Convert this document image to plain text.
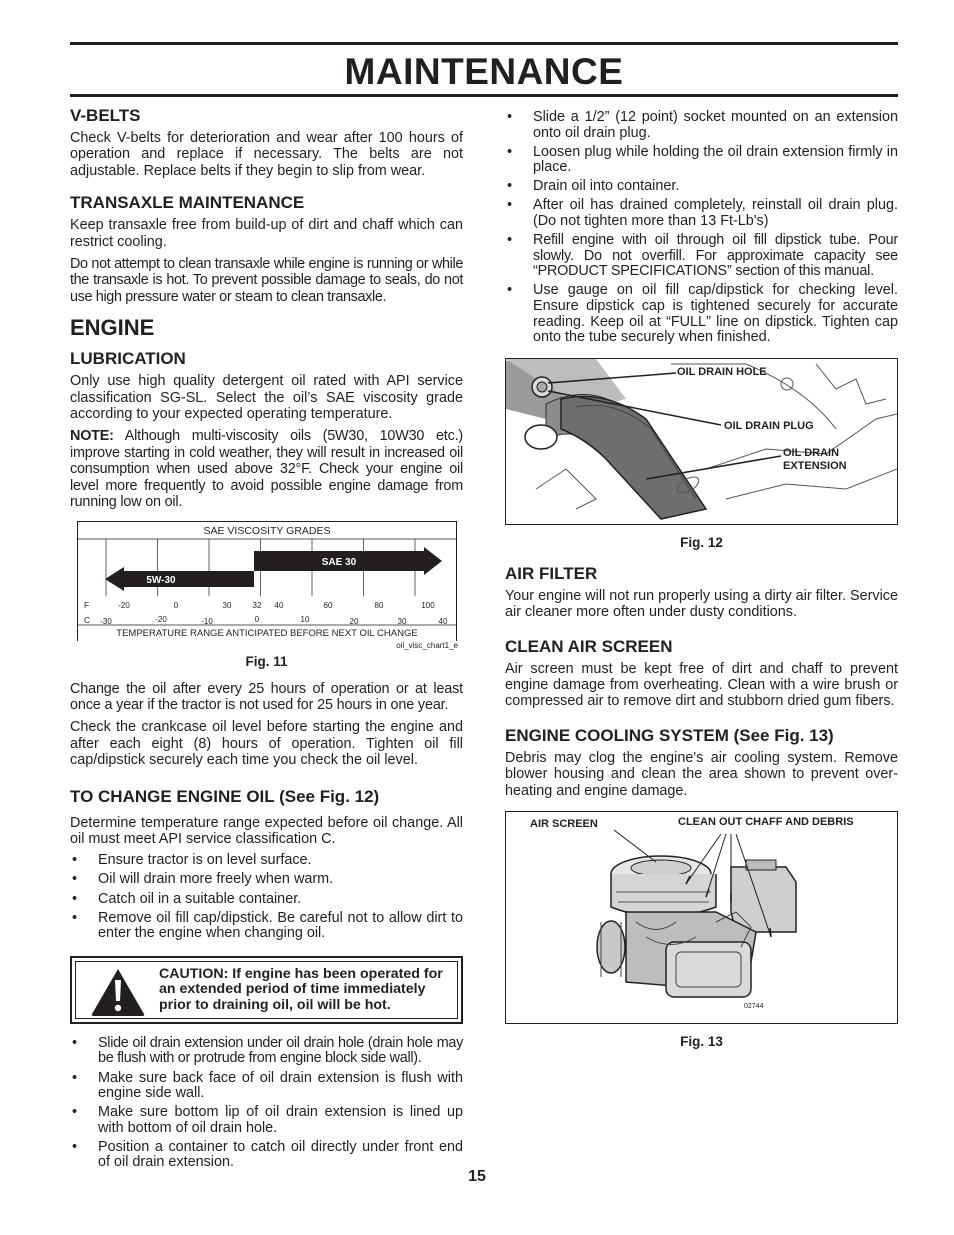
MAINTENANCE
V-BELTS

Check V-belts for deterioration and wear after 100 hours of operation and replace if necessary. The belts are not adjustable. Replace belts if they begin to slip from wear.

TRANSAXLE MAINTENANCE

Keep transaxle free from build-up of dirt and chaff which can restrict cooling.

Do not attempt to clean transaxle while engine is running or while the transaxle is hot. To prevent possible damage to seals, do not use high pressure water or steam to clean transaxle.

ENGINE
LUBRICATION

Only use high quality detergent oil rated with API service classification SG-SL. Select the oil’s SAE viscosity grade according to your expected operating temperature.

NOTE: Although multi-viscosity oils (5W30, 10W30 etc.) improve starting in cold weather, they will result in increased oil consumption when used above 32°F. Check your engine oil level more frequently to avoid possible engine damage from running low on oil.

SAE VISCOSITY GRADES
SAE 30
5W-30
-20	0	30	32 40	60	80	100
-30	-20	-10	0	10	20	30	40
F
C
TEMPERATURE RANGE ANTICIPATED BEFORE NEXT OIL CHANGE
oil_visc_chart1_e
Fig. 11

Change the oil after every 25 hours of operation or at least once a year if the tractor is not used for 25 hours in one year.

Check the crankcase oil level before starting the engine and after each eight (8) hours of operation. Tighten oil fill cap/dipstick securely each time you check the oil level.

TO CHANGE ENGINE OIL (See Fig. 12)

Determine temperature range expected before oil change. All oil must meet API service classification C.

• Ensure tractor is on level surface.
• Oil will drain more freely when warm.
• Catch oil in a suitable container.
• Remove oil fill cap/dipstick. Be careful not to allow dirt to enter the engine when changing oil.
CAUTION: If engine has been operated for an extended period of time immediately prior to draining oil, oil will be hot.
• Slide oil drain extension under oil drain hole (drain hole may be flush with or protrude from engine block side wall).
• Make sure back face of oil drain extension is flush with engine side wall.
• Make sure bottom lip of oil drain extension is lined up with bottom of oil drain hole.
• Position a container to catch oil directly under front end of oil drain extension.
• Slide a 1/2” (12 point) socket mounted on an extension onto oil drain plug.
• Loosen plug while holding the oil drain extension firmly in place.
• Drain oil into container.
• After oil has drained completely, reinstall oil drain plug. (Do not tighten more than 13 Ft-Lb's)
• Refill engine with oil through oil fill dipstick tube. Pour slowly. Do not overfill. For approximate capacity see “PRODUCT SPECIFICATIONS” section of this manual.
• Use gauge on oil fill cap/dipstick for checking level. Ensure dipstick cap is tightened securely for accurate reading. Keep oil at “FULL” line on dipstick. Tighten cap onto the tube securely when finished.
OIL DRAIN HOLE
OIL DRAIN PLUG
OIL DRAIN
EXTENSION
Fig. 12
AIR FILTER

Your engine will not run properly using a dirty air filter. Service air cleaner more often under dusty conditions.

CLEAN AIR SCREEN

Air screen must be kept free of dirt and chaff to prevent engine damage from overheating. Clean with a wire brush or compressed air to remove dirt and stubborn dried gum fibers.

ENGINE COOLING SYSTEM (See Fig. 13)

Debris may clog the engine's air cooling system. Remove blower housing and clean the area shown to prevent over-heating and engine damage.

AIR SCREEN	CLEAN OUT CHAFF AND DEBRIS
02744
Fig. 13
15
